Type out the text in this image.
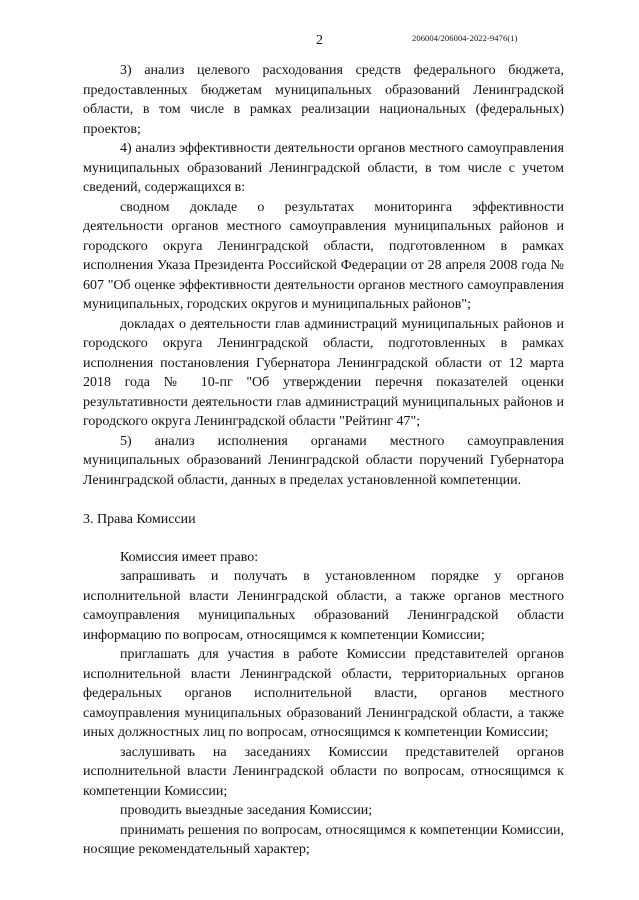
2	206004/206004-2022-9476(1)

3) анализ целевого расходования средств федерального бюджета, предоставленных бюджетам муниципальных образований Ленинградской области, в том числе в рамках реализации национальных (федеральных) проектов;

4) анализ эффективности деятельности органов местного самоуправления муниципальных образований Ленинградской области, в том числе с учетом сведений, содержащихся в:

сводном докладе о результатах мониторинга эффективности деятельности органов местного самоуправления муниципальных районов и городского округа Ленинградской области, подготовленном в рамках исполнения Указа Президента Российской Федерации от 28 апреля 2008 года № 607 "Об оценке эффективности деятельности органов местного самоуправления муниципальных, городских округов и муниципальных районов";

докладах о деятельности глав администраций муниципальных районов и городского округа Ленинградской области, подготовленных в рамках исполнения постановления Губернатора Ленинградской области от 12 марта 2018 года № 10-пг "Об утверждении перечня показателей оценки результативности деятельности глав администраций муниципальных районов и городского округа Ленинградской области "Рейтинг 47";

5) анализ исполнения органами местного самоуправления муниципальных образований Ленинградской области поручений Губернатора Ленинградской области, данных в пределах установленной компетенции.

3. Права Комиссии

Комиссия имеет право:

запрашивать и получать в установленном порядке у органов исполнительной власти Ленинградской области, а также органов местного самоуправления муниципальных образований Ленинградской области информацию по вопросам, относящимся к компетенции Комиссии;

приглашать для участия в работе Комиссии представителей органов исполнительной власти Ленинградской области, территориальных органов федеральных органов исполнительной власти, органов местного самоуправления муниципальных образований Ленинградской области, а также иных должностных лиц по вопросам, относящимся к компетенции Комиссии;

заслушивать на заседаниях Комиссии представителей органов исполнительной власти Ленинградской области по вопросам, относящимся к компетенции Комиссии;

проводить выездные заседания Комиссии;

принимать решения по вопросам, относящимся к компетенции Комиссии, носящие рекомендательный характер;
